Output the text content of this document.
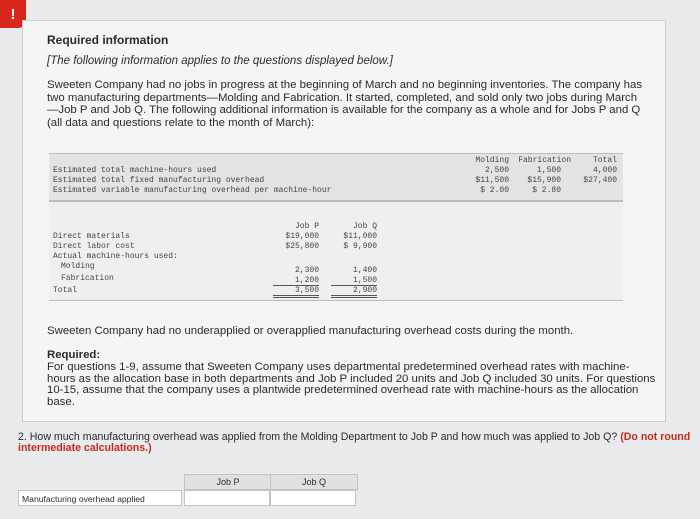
!
Required information
[The following information applies to the questions displayed below.]
Sweeten Company had no jobs in progress at the beginning of March and no beginning inventories. The company has two manufacturing departments—Molding and Fabrication. It started, completed, and sold only two jobs during March—Job P and Job Q. The following additional information is available for the company as a whole and for Jobs P and Q (all data and questions relate to the month of March):
Molding	Fabrication	Total
Estimated total machine-hours used	2,500	1,500	4,000
Estimated total fixed manufacturing overhead	$11,500	$15,900	$27,400
Estimated variable manufacturing overhead per machine-hour	$ 2.00	$ 2.80
Job P	Job Q
Direct materials	$19,000	$11,000
Direct labor cost	$25,800	$ 9,900
Actual machine-hours used:
Molding	2,300	1,400
Fabrication	1,200	1,500
Total	3,500	2,900
Sweeten Company had no underapplied or overapplied manufacturing overhead costs during the month.
Required:
For questions 1-9, assume that Sweeten Company uses departmental predetermined overhead rates with machine-hours as the allocation base in both departments and Job P included 20 units and Job Q included 30 units. For questions 10-15, assume that the company uses a plantwide predetermined overhead rate with machine-hours as the allocation base.
2. How much manufacturing overhead was applied from the Molding Department to Job P and how much was applied to Job Q? (Do not round intermediate calculations.)
Job P	Job Q
Manufacturing overhead applied
